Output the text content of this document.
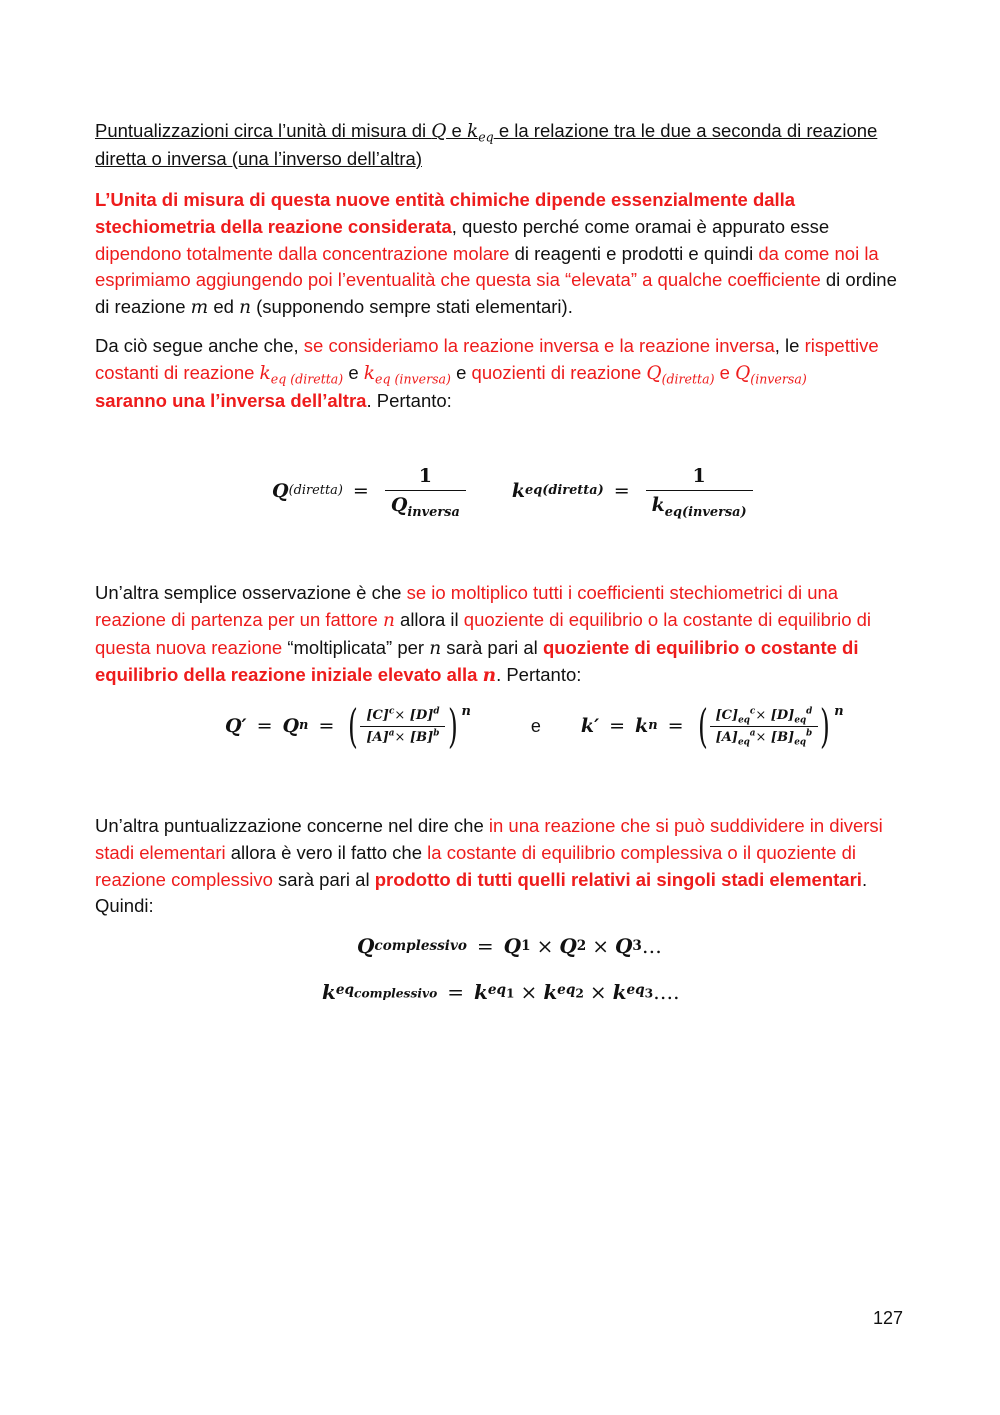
Puntualizzazioni circa l’unità di misura di Q e $k_{eq}$ e la relazione tra le due a seconda di reazione diretta o inversa (una l’inverso dell’altra)

L’Unita di misura di questa nuove entità chimiche dipende essenzialmente dalla stechiometria della reazione considerata, questo perché come oramai è appurato esse dipendono totalmente dalla concentrazione molare di reagenti e prodotti e quindi da come noi la esprimiamo aggiungendo poi l’eventualità che questa sia “elevata” a qualche coefficiente di ordine di reazione m ed n (supponendo sempre stati elementari).

Da ciò segue anche che, se consideriamo la reazione inversa e la reazione inversa, le rispettive costanti di reazione $k_{eq (diretta)}$ e $k_{eq (inversa)}$ e quozienti di reazione $Q_{(diretta)}$ e $Q_{(inversa)}$
saranno una l’inversa dell’altra. Pertanto:

Q (diretta) = $\frac{1}{Q_{inversa}}$ k eq(diretta) = $\frac{1}{k_{eq(inversa)}}$

Un’altra semplice osservazione è che se io moltiplico tutti i coefficienti stechiometrici di una reazione di partenza per un fattore n allora il quoziente di equilibrio o la costante di equilibrio di questa nuova reazione “moltiplicata” per n sarà pari al quoziente di equilibrio o costante di equilibrio della reazione iniziale elevato alla n. Pertanto:

Q′ = Q n = ( $\frac{[C]^c\times [D]^d}{[A]^a\times [B]^b}$ ) $^n$
e k′ = k n = ( $\frac{[C]_{eq}^c\times [D]_{eq}^d}{[A]_{eq}^a\times [B]_{eq}^b}$ ) $^n$

Un’altra puntualizzazione concerne nel dire che in una reazione che si può suddividere in diversi stadi elementari allora è vero il fatto che la costante di equilibrio complessiva o il quoziente di reazione complessivo sarà pari al prodotto di tutti quelli relativi ai singoli stadi elementari. Quindi:

Q complessivo = Q 1 × Q 2 × Q 3 …
k $eq_{complessivo} = k$ $eq_1 \times k$ $eq_2 \times k$ $eq_3$ ….
127
